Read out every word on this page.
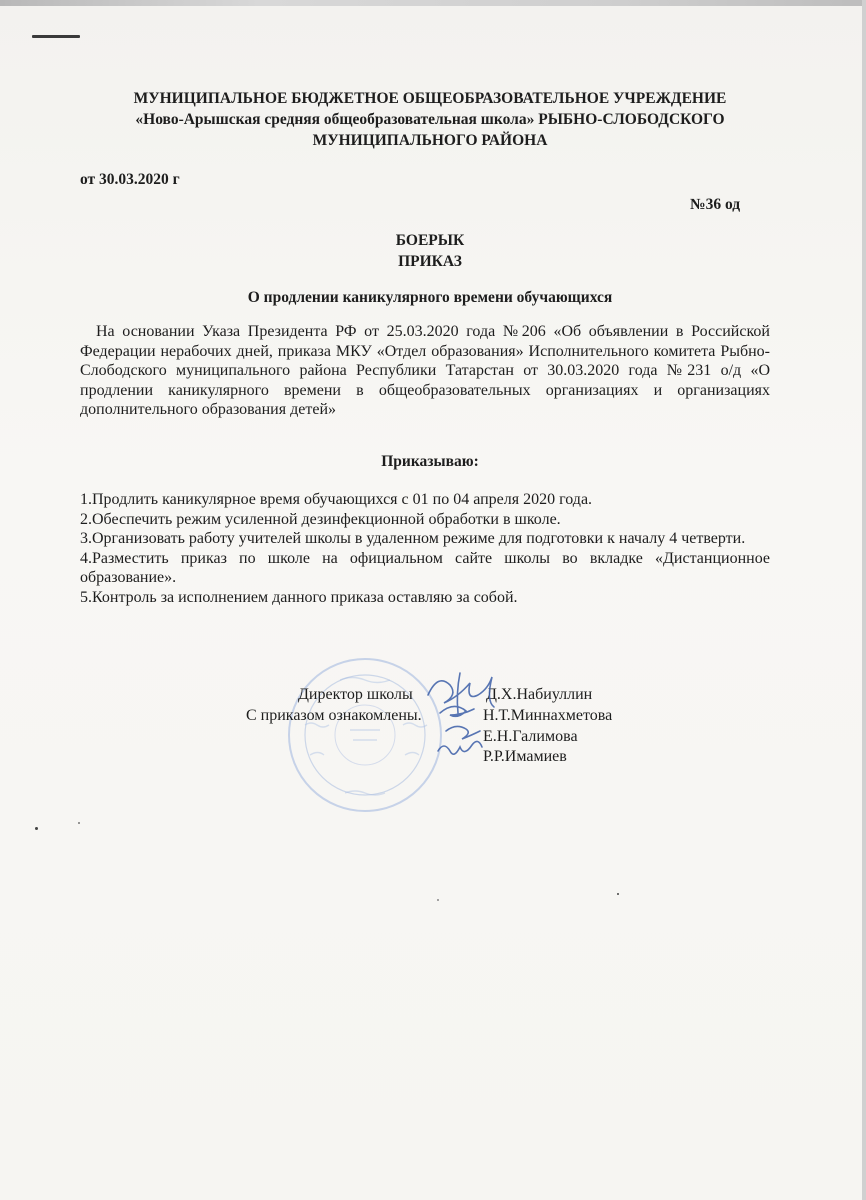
МУНИЦИПАЛЬНОЕ БЮДЖЕТНОЕ ОБЩЕОБРАЗОВАТЕЛЬНОЕ УЧРЕЖДЕНИЕ
«Ново-Арышская средняя общеобразовательная школа» РЫБНО-СЛОБОДСКОГО
МУНИЦИПАЛЬНОГО РАЙОНА
от 30.03.2020 г
№36 од
БОЕРЫК
ПРИКАЗ
О продлении каникулярного времени обучающихся
На основании Указа Президента РФ от 25.03.2020 года №206 «Об объявлении в Российской Федерации нерабочих дней, приказа МКУ «Отдел образования» Исполнительного комитета Рыбно-Слободского муниципального района Республики Татарстан от 30.03.2020 года №231 о/д «О продлении каникулярного времени в общеобразовательных организациях и организациях дополнительного образования детей»
Приказываю:
1.Продлить каникулярное время обучающихся с 01 по 04 апреля 2020 года.
2.Обеспечить режим усиленной дезинфекционной обработки в школе.
3.Организовать работу учителей школы в удаленном режиме для подготовки к началу 4 четверти.
4.Разместить приказ по школе на официальном сайте школы во вкладке «Дистанционное образование».
5.Контроль за исполнением данного приказа оставляю за собой.
Директор школы
С приказом ознакомлены.
Д.Х.Набиуллин
Н.Т.Миннахметова
Е.Н.Галимова
Р.Р.Имамиев
